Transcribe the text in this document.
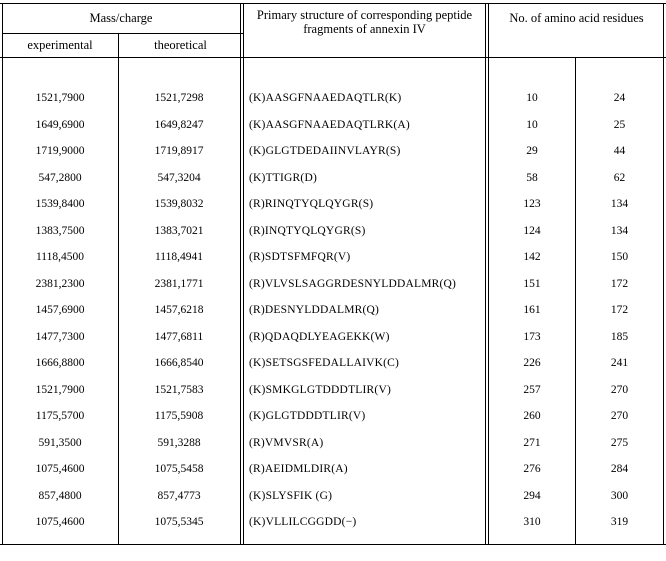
Mass/charge
experimental	theoretical
Primary structure of corresponding peptide fragments of annexin IV
No. of amino acid residues
1521,7900	1521,7298	(K)AASGFNAAEDAQTLR(K)	10	24
1649,6900	1649,8247	(K)AASGFNAAEDAQTLRK(A)	10	25
1719,9000	1719,8917	(K)GLGTDEDAIINVLAYR(S)	29	44
547,2800	547,3204	(K)TTIGR(D)	58	62
1539,8400	1539,8032	(R)RINQTYQLQYGR(S)	123	134
1383,7500	1383,7021	(R)INQTYQLQYGR(S)	124	134
1118,4500	1118,4941	(R)SDTSFMFQR(V)	142	150
2381,2300	2381,1771	(R)VLVSLSAGGRDESNYLDDALMR(Q)	151	172
1457,6900	1457,6218	(R)DESNYLDDALMR(Q)	161	172
1477,7300	1477,6811	(R)QDAQDLYEAGEKK(W)	173	185
1666,8800	1666,8540	(K)SETSGSFEDALLAIVK(C)	226	241
1521,7900	1521,7583	(K)SMKGLGTDDDTLIR(V)	257	270
1175,5700	1175,5908	(K)GLGTDDDTLIR(V)	260	270
591,3500	591,3288	(R)VMVSR(A)	271	275
1075,4600	1075,5458	(R)AEIDMLDIR(A)	276	284
857,4800	857,4773	(K)SLYSFIK (G)	294	300
1075,4600	1075,5345	(K)VLLILCGGDD(−)	310	319
